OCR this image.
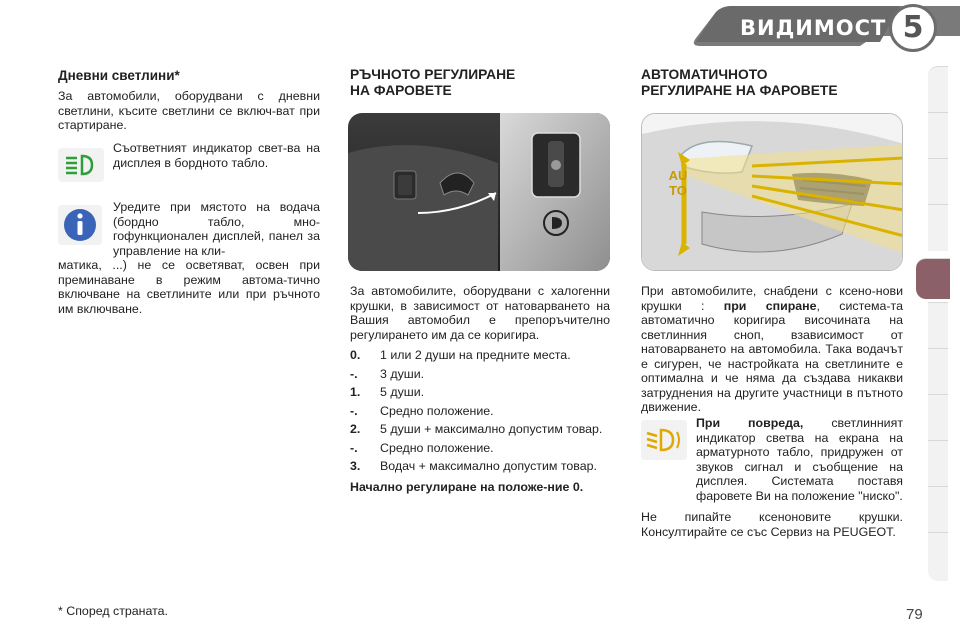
ВИДИМОСТ 5
Дневни светлини*

За автомобили, оборудвани с дневни светлини, късите светлини се включ-ват при стартиране.

Съответният индикатор свет-ва на дисплея в бордното табло.
Уредите при мястото на водача (бордно табло, мно-гофункционален дисплей, панел за управление на кли-
матика, ...) не се осветяват, освен при преминаване в режим автома-тично включване на светлините или при ръчното им включване.
РЪЧНОТО РЕГУЛИРАНЕ
НА ФАРОВЕТЕ

За автомобилите, оборудвани с халогенни крушки, в зависимост от натоварването на Вашия автомобил е препоръчително регулирането им да се коригира.

0.	1 или 2 души на предните места.
-.	3 души.
1.	5 души.
-.	Средно положение.
2.	5 души + максимално допустим товар.
-.	Средно положение.
3.	Водач + максимално допустим товар.

Начално регулиране на положе-ние 0.

АВТОМАТИЧНОТО
РЕГУЛИРАНЕ НА ФАРОВЕТЕ
AUTO
При автомобилите, снабдени с ксено-нови крушки : при спиране, система-та автоматично коригира височината на светлинния сноп, взависимост от натоварването на автомобила. Така водачът е сигурен, че настройката на светлините е оптимална и че няма да създава никакви затруднения на другите участници в пътното движение.
При повреда, светлинният индикатор светва на екрана на арматурното табло, придружен от звуков сигнал и съобщение на дисплея. Системата поставя фаровете Ви на положение "ниско".
Не пипайте ксеноновите крушки. Консултирайте се със Сервиз на PEUGEOT.
* Според страната.	79
